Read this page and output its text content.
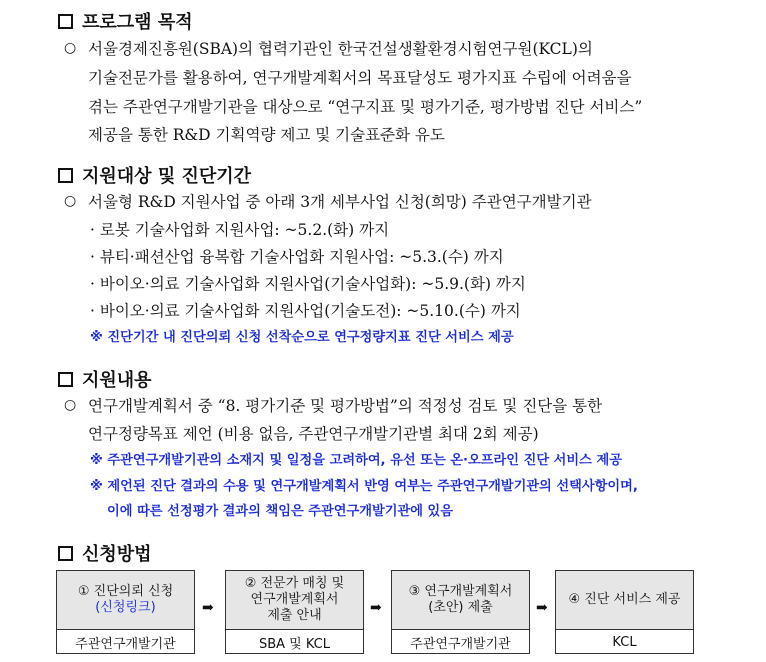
프로그램 목적
○ 서울경제진흥원(SBA)의 협력기관인 한국건설생활환경시험연구원(KCL)의
기술전문가를 활용하여, 연구개발계획서의 목표달성도 평가지표 수립에 어려움을
겪는 주관연구개발기관을 대상으로 “연구지표 및 평가기준, 평가방법 진단 서비스”
제공을 통한 R&D 기획역량 제고 및 기술표준화 유도
지원대상 및 진단기간
○ 서울형 R&D 지원사업 중 아래 3개 세부사업 신청(희망) 주관연구개발기관
· 로봇 기술사업화 지원사업: ~5.2.(화) 까지
· 뷰티·패션산업 융복합 기술사업화 지원사업: ~5.3.(수) 까지
· 바이오·의료 기술사업화 지원사업(기술사업화): ~5.9.(화) 까지
· 바이오·의료 기술사업화 지원사업(기술도전): ~5.10.(수) 까지
※ 진단기간 내 진단의뢰 신청 선착순으로 연구정량지표 진단 서비스 제공
지원내용
○ 연구개발계획서 중 “8. 평가기준 및 평가방법”의 적정성 검토 및 진단을 통한
연구정량목표 제언 (비용 없음, 주관연구개발기관별 최대 2회 제공)
※ 주관연구개발기관의 소재지 및 일정을 고려하여, 유선 또는 온·오프라인 진단 서비스 제공
※ 제언된 진단 결과의 수용 및 연구개발계획서 반영 여부는 주관연구개발기관의 선택사항이며,
이에 따른 선정평가 결과의 책임은 주관연구개발기관에 있음
신청방법
① 진단의뢰 신청
(신청링크)
주관연구개발기관
➡
② 전문가 매칭 및
연구개발계획서
제출 안내
SBA 및 KCL
➡
③ 연구개발계획서
(초안) 제출
주관연구개발기관
➡
④ 진단 서비스 제공
KCL
